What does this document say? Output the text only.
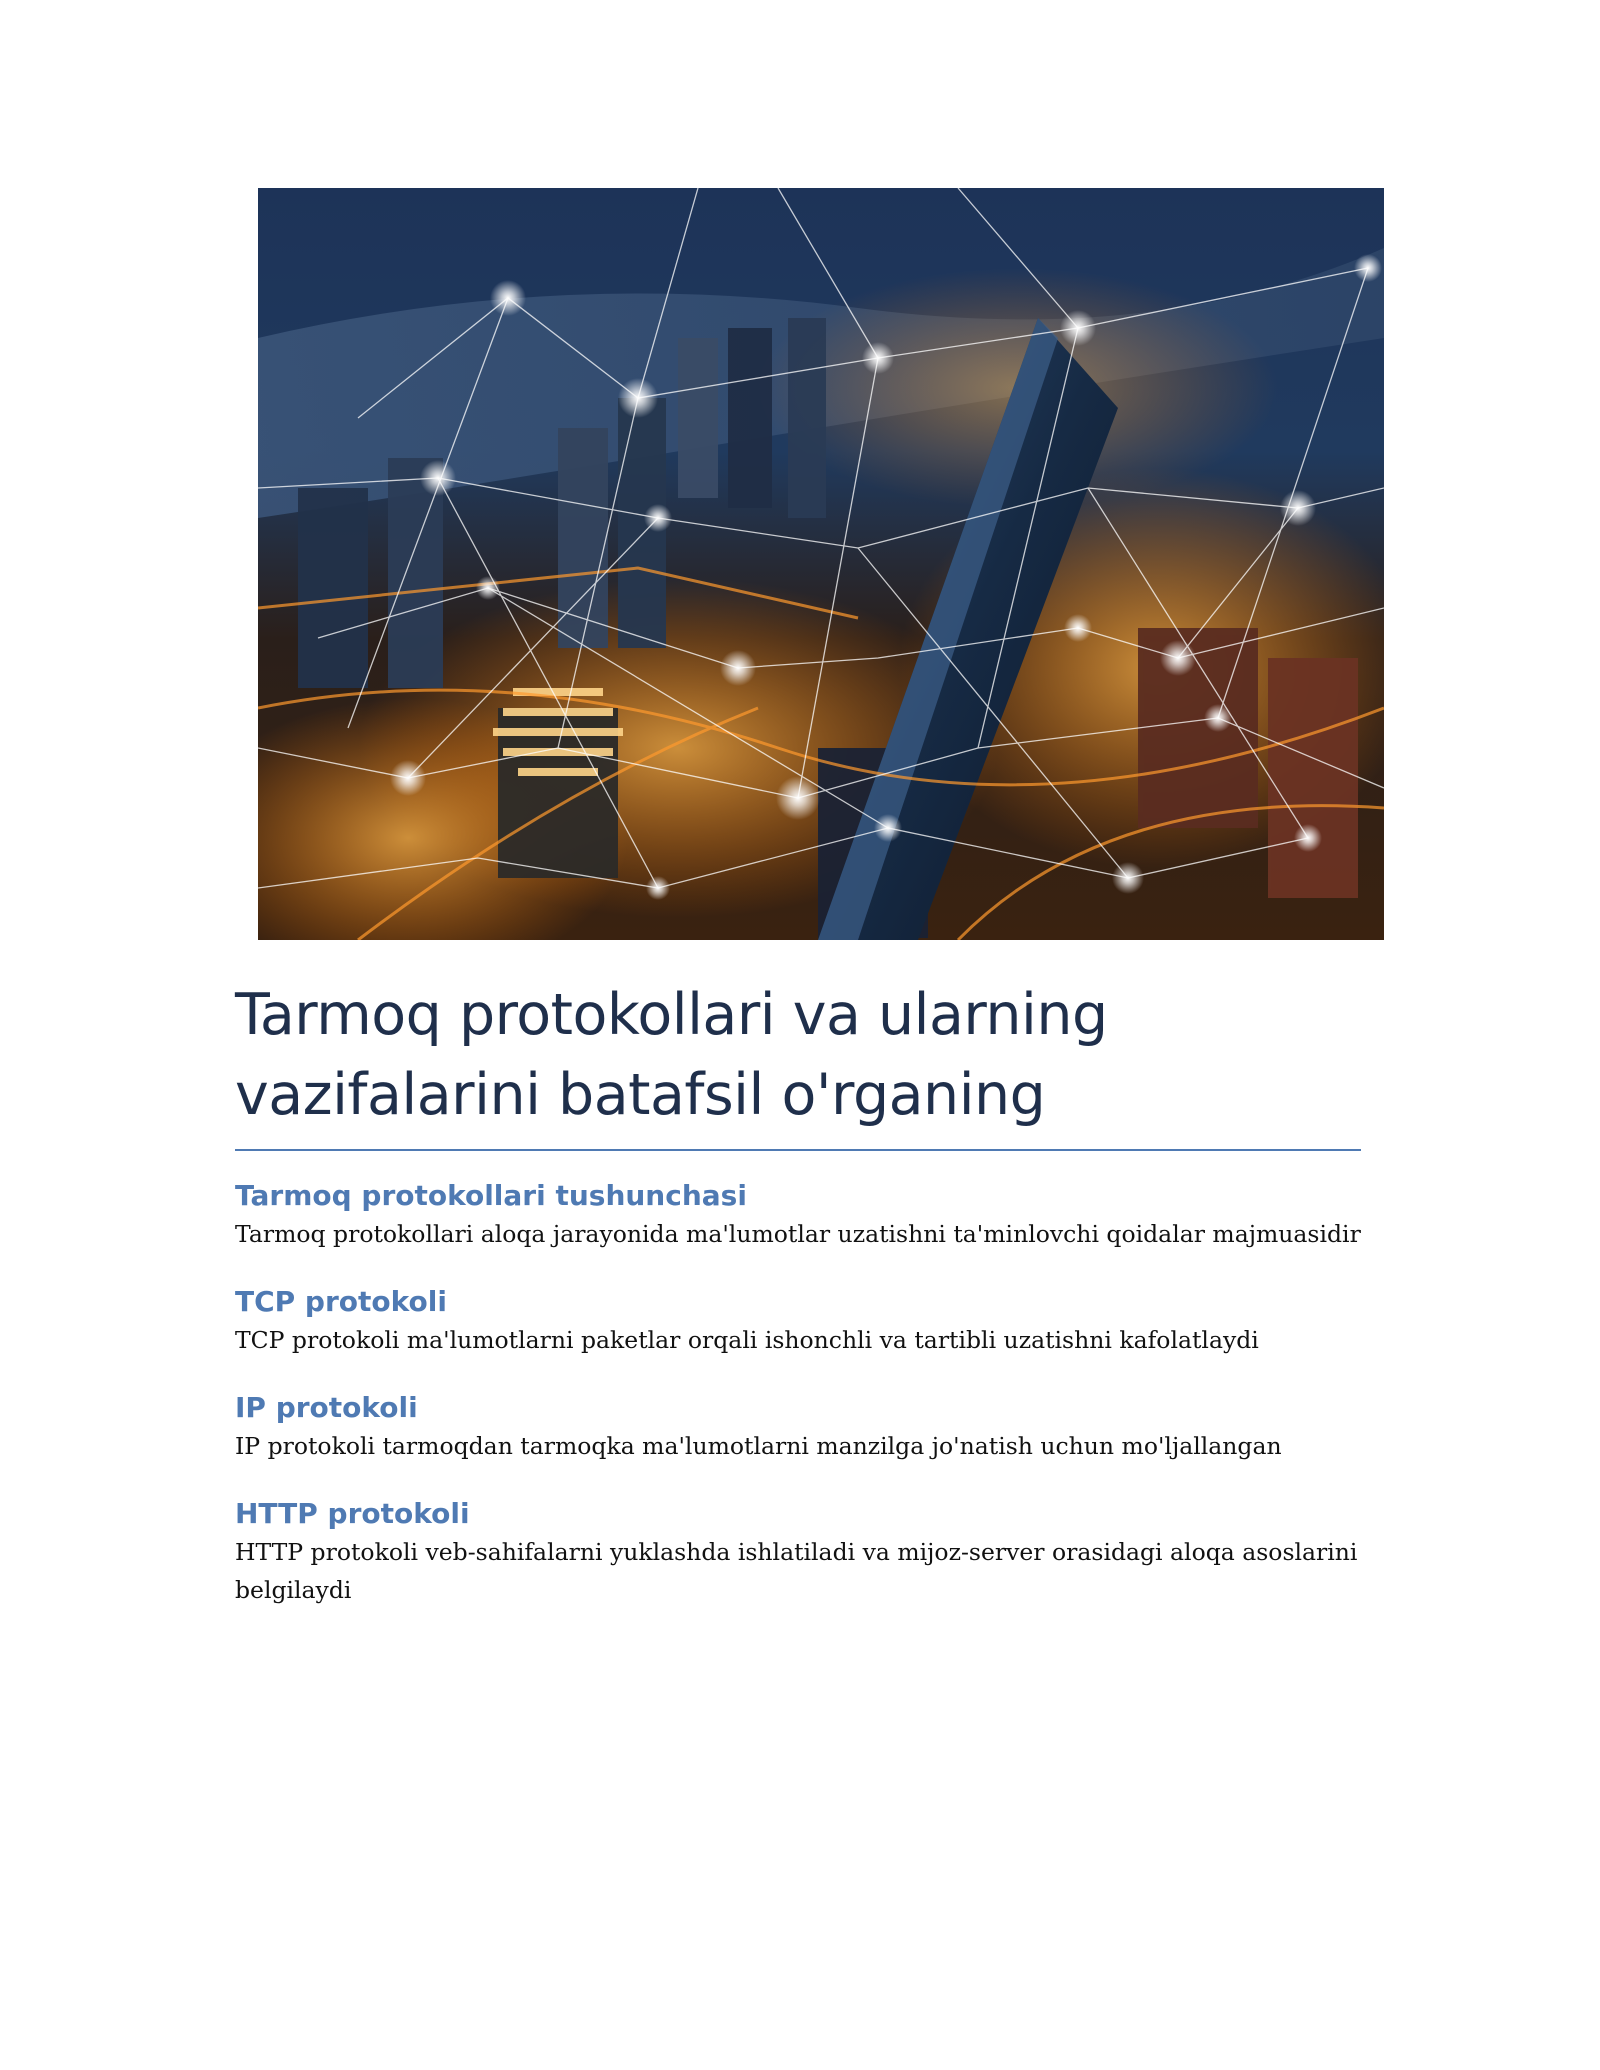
Tarmoq protokollari va ularning vazifalarini batafsil o'rganing
Tarmoq protokollari tushunchasi

Tarmoq protokollari aloqa jarayonida ma'lumotlar uzatishni ta'minlovchi qoidalar majmuasidir

TCP protokoli

TCP protokoli ma'lumotlarni paketlar orqali ishonchli va tartibli uzatishni kafolatlaydi

IP protokoli

IP protokoli tarmoqdan tarmoqka ma'lumotlarni manzilga jo'natish uchun mo'ljallangan

HTTP protokoli

HTTP protokoli veb-sahifalarni yuklashda ishlatiladi va mijoz-server orasidagi aloqa asoslarini belgilaydi
